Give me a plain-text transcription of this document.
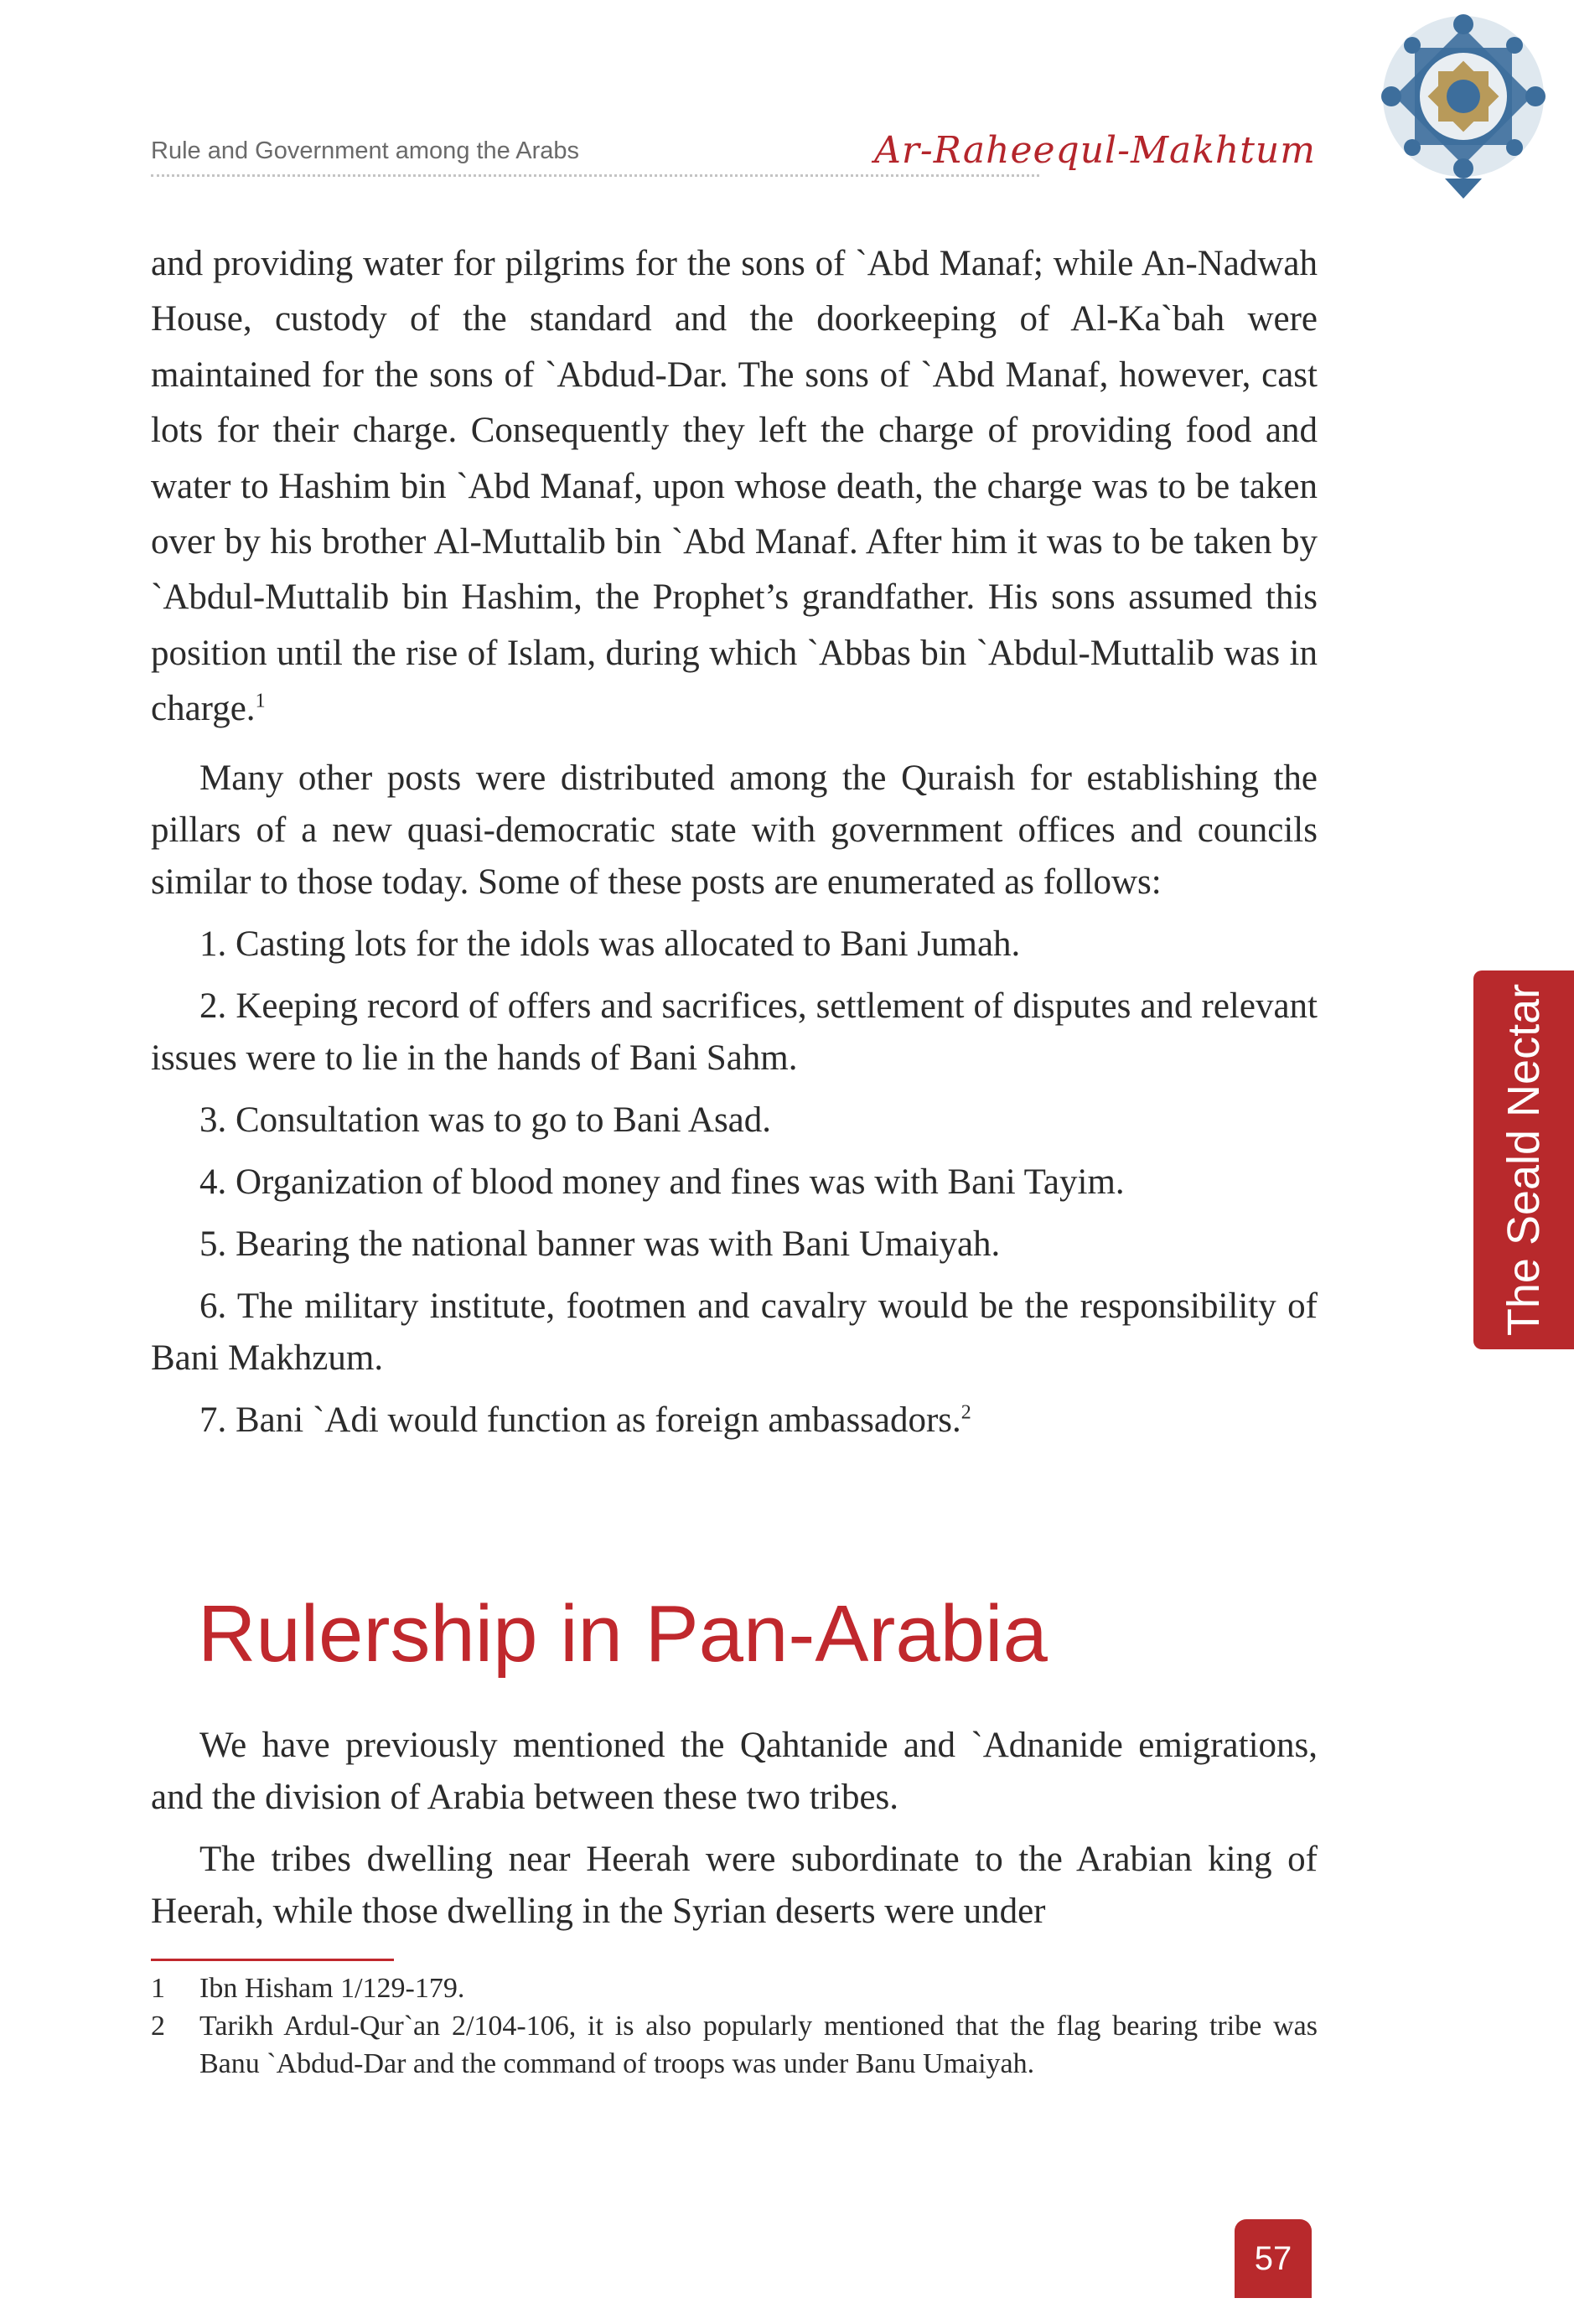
Rule and Government among the Arabs	Ar-Raheequl-Makhtum
The Seald Nectar

and providing water for pilgrims for the sons of `Abd Manaf; while An-Nadwah House, custody of the standard and the doorkeeping of Al-Ka`bah were maintained for the sons of `Abdud-Dar. The sons of `Abd Manaf, however, cast lots for their charge. Consequently they left the charge of providing food and water to Hashim bin `Abd Manaf, upon whose death, the charge was to be taken over by his brother Al-Muttalib bin `Abd Manaf. After him it was to be taken by `Abdul-Muttalib bin Hashim, the Prophet’s grandfather. His sons assumed this position until the rise of Islam, during which `Abbas bin `Abdul-Muttalib was in charge.$^1$

Many other posts were distributed among the Quraish for establishing the pillars of a new quasi-democratic state with government offices and councils similar to those today. Some of these posts are enumerated as follows:

1. Casting lots for the idols was allocated to Bani Jumah.

2. Keeping record of offers and sacrifices, settlement of disputes and relevant issues were to lie in the hands of Bani Sahm.

3. Consultation was to go to Bani Asad.

4. Organization of blood money and fines was with Bani Tayim.

5. Bearing the national banner was with Bani Umaiyah.

6. The military institute, footmen and cavalry would be the responsibility of Bani Makhzum.

7. Bani `Adi would function as foreign ambassadors.$^2$

Rulership in Pan-Arabia

We have previously mentioned the Qahtanide and `Adnanide emigrations, and the division of Arabia between these two tribes.

The tribes dwelling near Heerah were subordinate to the Arabian king of Heerah, while those dwelling in the Syrian deserts were under

1	Ibn Hisham 1/129-179.
2	Tarikh Ardul-Qur`an 2/104-106, it is also popularly mentioned that the flag bearing tribe was Banu `Abdud-Dar and the command of troops was under Banu Umaiyah.
57
